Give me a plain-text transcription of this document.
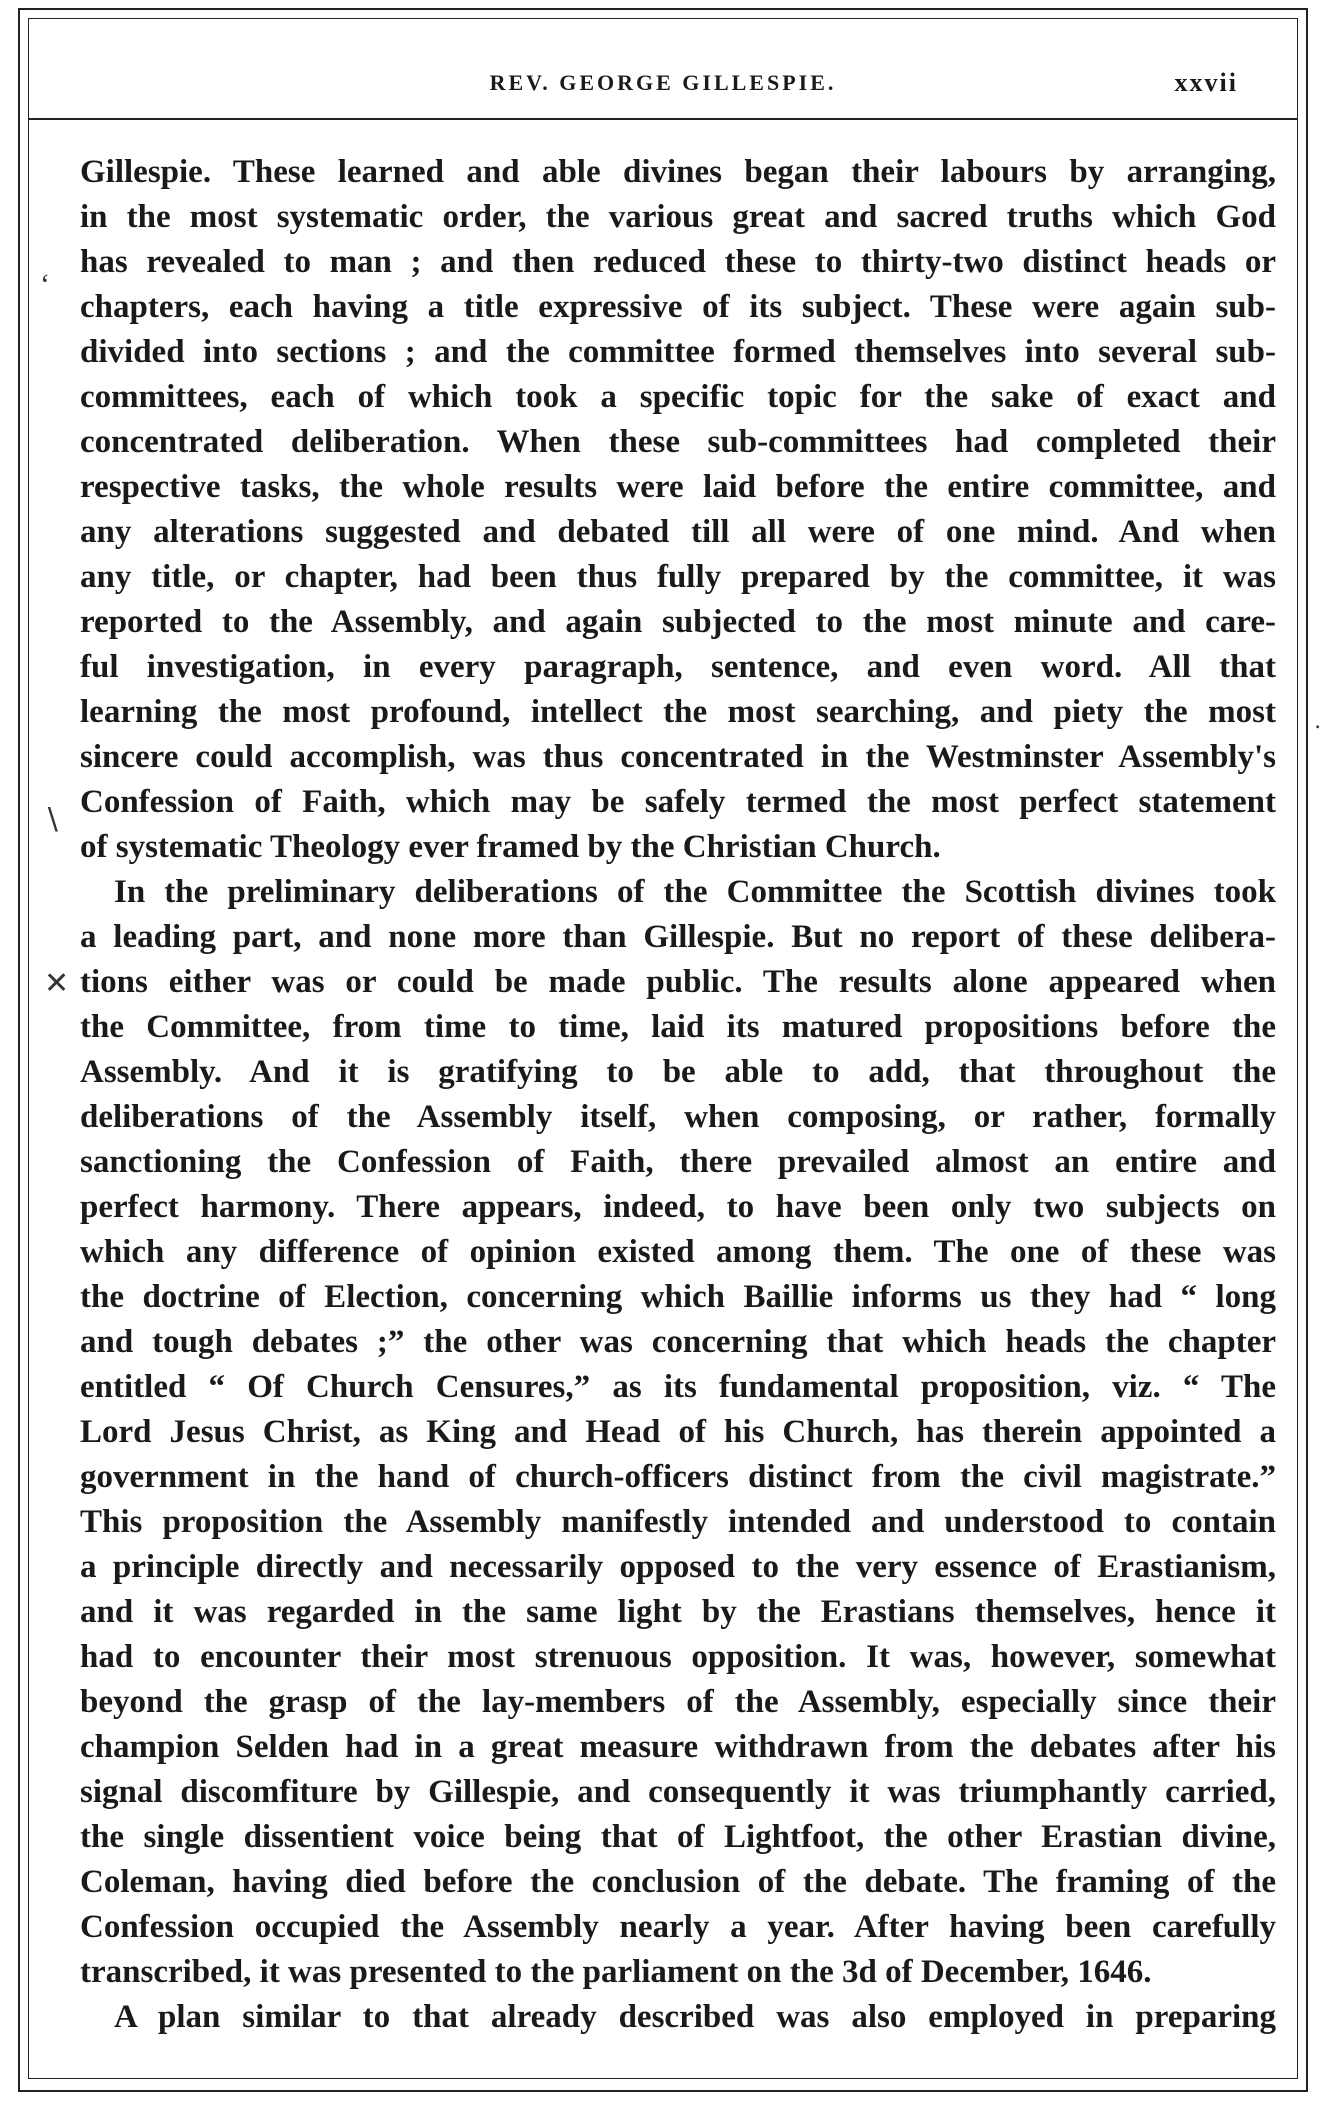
REV. GEORGE GILLESPIE.	xxvii
Gillespie. These learned and able divines began their labours by arranging,
in the most systematic order, the various great and sacred truths which God
has revealed to man ; and then reduced these to thirty-two distinct heads or
chapters, each having a title expressive of its subject. These were again sub-
divided into sections ; and the committee formed themselves into several sub-
committees, each of which took a specific topic for the sake of exact and
concentrated deliberation. When these sub-committees had completed their
respective tasks, the whole results were laid before the entire committee, and
any alterations suggested and debated till all were of one mind. And when
any title, or chapter, had been thus fully prepared by the committee, it was
reported to the Assembly, and again subjected to the most minute and care-
ful investigation, in every paragraph, sentence, and even word. All that
learning the most profound, intellect the most searching, and piety the most
sincere could accomplish, was thus concentrated in the Westminster Assembly's
Confession of Faith, which may be safely termed the most perfect statement
of systematic Theology ever framed by the Christian Church.
In the preliminary deliberations of the Committee the Scottish divines took
a leading part, and none more than Gillespie. But no report of these delibera-
tions either was or could be made public. The results alone appeared when
the Committee, from time to time, laid its matured propositions before the
Assembly. And it is gratifying to be able to add, that throughout the
deliberations of the Assembly itself, when composing, or rather, formally
sanctioning the Confession of Faith, there prevailed almost an entire and
perfect harmony. There appears, indeed, to have been only two subjects on
which any difference of opinion existed among them. The one of these was
the doctrine of Election, concerning which Baillie informs us they had “ long
and tough debates ;” the other was concerning that which heads the chapter
entitled “ Of Church Censures,” as its fundamental proposition, viz. “ The
Lord Jesus Christ, as King and Head of his Church, has therein appointed a
government in the hand of church-officers distinct from the civil magistrate.”
This proposition the Assembly manifestly intended and understood to contain
a principle directly and necessarily opposed to the very essence of Erastianism,
and it was regarded in the same light by the Erastians themselves, hence it
had to encounter their most strenuous opposition. It was, however, somewhat
beyond the grasp of the lay-members of the Assembly, especially since their
champion Selden had in a great measure withdrawn from the debates after his
signal discomfiture by Gillespie, and consequently it was triumphantly carried,
the single dissentient voice being that of Lightfoot, the other Erastian divine,
Coleman, having died before the conclusion of the debate. The framing of the
Confession occupied the Assembly nearly a year. After having been carefully
transcribed, it was presented to the parliament on the 3d of December, 1646.
A plan similar to that already described was also employed in preparing
‘
∖
✕
․
